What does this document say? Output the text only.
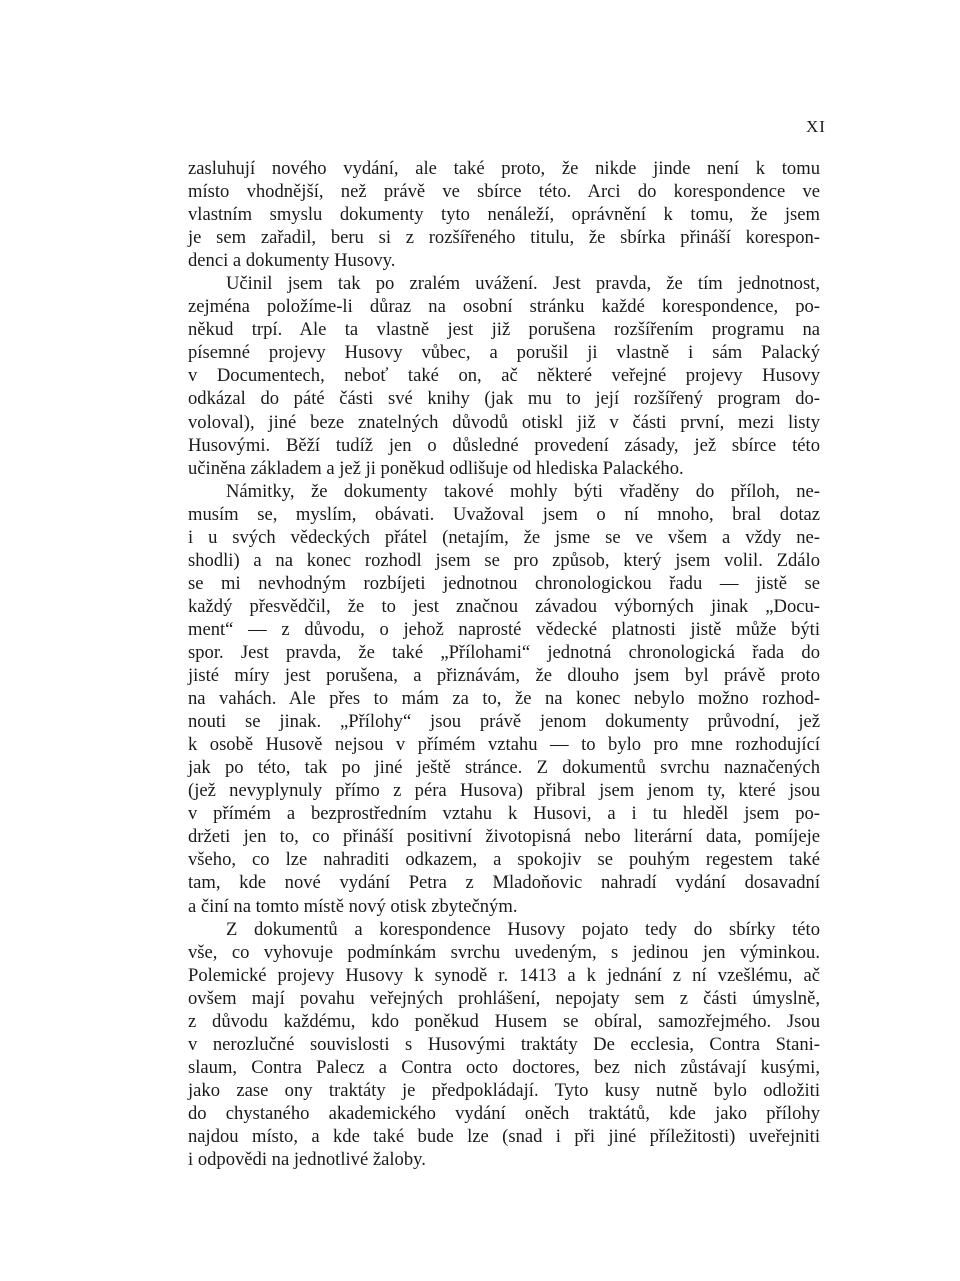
XI
zasluhují nového vydání, ale také proto, že nikde jinde není k tomu
místo vhodnější, než právě ve sbírce této. Arci do korespondence ve
vlastním smyslu dokumenty tyto nenáleží, oprávnění k tomu, že jsem
je sem zařadil, beru si z rozšířeného titulu, že sbírka přináší korespon-
denci a dokumenty Husovy.
Učinil jsem tak po zralém uvážení. Jest pravda, že tím jednotnost,
zejména položíme-li důraz na osobní stránku každé korespondence, po-
někud trpí. Ale ta vlastně jest již porušena rozšířením programu na
písemné projevy Husovy vůbec, a porušil ji vlastně i sám Palacký
v Documentech, neboť také on, ač některé veřejné projevy Husovy
odkázal do páté části své knihy (jak mu to její rozšířený program do-
voloval), jiné beze znatelných důvodů otiskl již v části první, mezi listy
Husovými. Běží tudíž jen o důsledné provedení zásady, jež sbírce této
učiněna základem a jež ji poněkud odlišuje od hlediska Palackého.
Námitky, že dokumenty takové mohly býti vřaděny do příloh, ne-
musím se, myslím, obávati. Uvažoval jsem o ní mnoho, bral dotaz
i u svých vědeckých přátel (netajím, že jsme se ve všem a vždy ne-
shodli) a na konec rozhodl jsem se pro způsob, který jsem volil. Zdálo
se mi nevhodným rozbíjeti jednotnou chronologickou řadu — jistě se
každý přesvědčil, že to jest značnou závadou výborných jinak „Docu-
ment“ — z důvodu, o jehož naprosté vědecké platnosti jistě může býti
spor. Jest pravda, že také „Přílohami“ jednotná chronologická řada do
jisté míry jest porušena, a přiznávám, že dlouho jsem byl právě proto
na vahách. Ale přes to mám za to, že na konec nebylo možno rozhod-
nouti se jinak. „Přílohy“ jsou právě jenom dokumenty průvodní, jež
k osobě Husově nejsou v přímém vztahu — to bylo pro mne rozhodující
jak po této, tak po jiné ještě stránce. Z dokumentů svrchu naznačených
(jež nevyplynuly přímo z péra Husova) přibral jsem jenom ty, které jsou
v přímém a bezprostředním vztahu k Husovi, a i tu hleděl jsem po-
držeti jen to, co přináší positivní životopisná nebo literární data, pomíjeje
všeho, co lze nahraditi odkazem, a spokojiv se pouhým regestem také
tam, kde nové vydání Petra z Mladoňovic nahradí vydání dosavadní
a činí na tomto místě nový otisk zbytečným.
Z dokumentů a korespondence Husovy pojato tedy do sbírky této
vše, co vyhovuje podmínkám svrchu uvedeným, s jedinou jen výminkou.
Polemické projevy Husovy k synodě r. 1413 a k jednání z ní vzešlému, ač
ovšem mají povahu veřejných prohlášení, nepojaty sem z části úmyslně,
z důvodu každému, kdo poněkud Husem se obíral, samozřejmého. Jsou
v nerozlučné souvislosti s Husovými traktáty De ecclesia, Contra Stani-
slaum, Contra Palecz a Contra octo doctores, bez nich zůstávají kusými,
jako zase ony traktáty je předpokládají. Tyto kusy nutně bylo odložiti
do chystaného akademického vydání oněch traktátů, kde jako přílohy
najdou místo, a kde také bude lze (snad i při jiné příležitosti) uveřejniti
i odpovědi na jednotlivé žaloby.
